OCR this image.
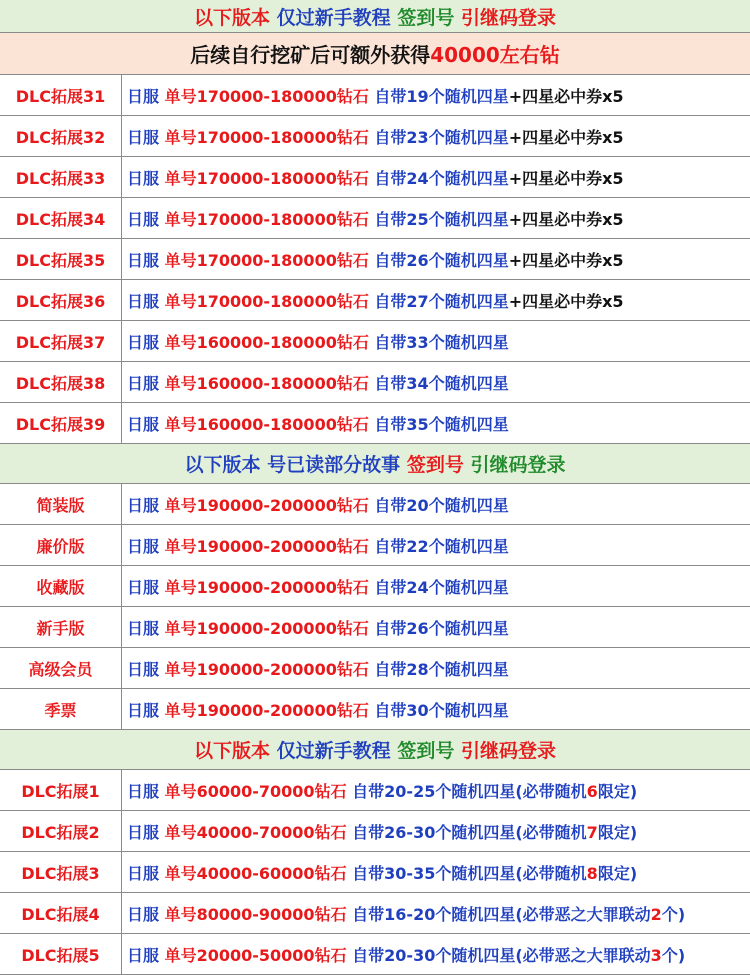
以下版本
仅过新手教程
签到号
引继码登录
后续自行挖矿后可额外获得 40000左右钻
DLC拓展31	日服 单号170000-180000钻石 自带19个随机四星+四星必中券x5
DLC拓展32	日服 单号170000-180000钻石 自带23个随机四星+四星必中券x5
DLC拓展33	日服 单号170000-180000钻石 自带24个随机四星+四星必中券x5
DLC拓展34	日服 单号170000-180000钻石 自带25个随机四星+四星必中券x5
DLC拓展35	日服 单号170000-180000钻石 自带26个随机四星+四星必中券x5
DLC拓展36	日服 单号170000-180000钻石 自带27个随机四星+四星必中券x5
DLC拓展37	日服 单号160000-180000钻石 自带33个随机四星
DLC拓展38	日服 单号160000-180000钻石 自带34个随机四星
DLC拓展39	日服 单号160000-180000钻石 自带35个随机四星
以下版本
号已读部分故事
签到号
引继码登录
简装版	日服 单号190000-200000钻石 自带20个随机四星
廉价版	日服 单号190000-200000钻石 自带22个随机四星
收藏版	日服 单号190000-200000钻石 自带24个随机四星
新手版	日服 单号190000-200000钻石 自带26个随机四星
高级会员	日服 单号190000-200000钻石 自带28个随机四星
季票	日服 单号190000-200000钻石 自带30个随机四星
以下版本
仅过新手教程
签到号
引继码登录
DLC拓展1	日服 单号60000-70000钻石 自带20-25个随机四星(必带随机6限定)
DLC拓展2	日服 单号40000-70000钻石 自带26-30个随机四星(必带随机7限定)
DLC拓展3	日服 单号40000-60000钻石 自带30-35个随机四星(必带随机8限定)
DLC拓展4	日服 单号80000-90000钻石 自带16-20个随机四星(必带恶之大罪联动2个)
DLC拓展5	日服 单号20000-50000钻石 自带20-30个随机四星(必带恶之大罪联动3个)
